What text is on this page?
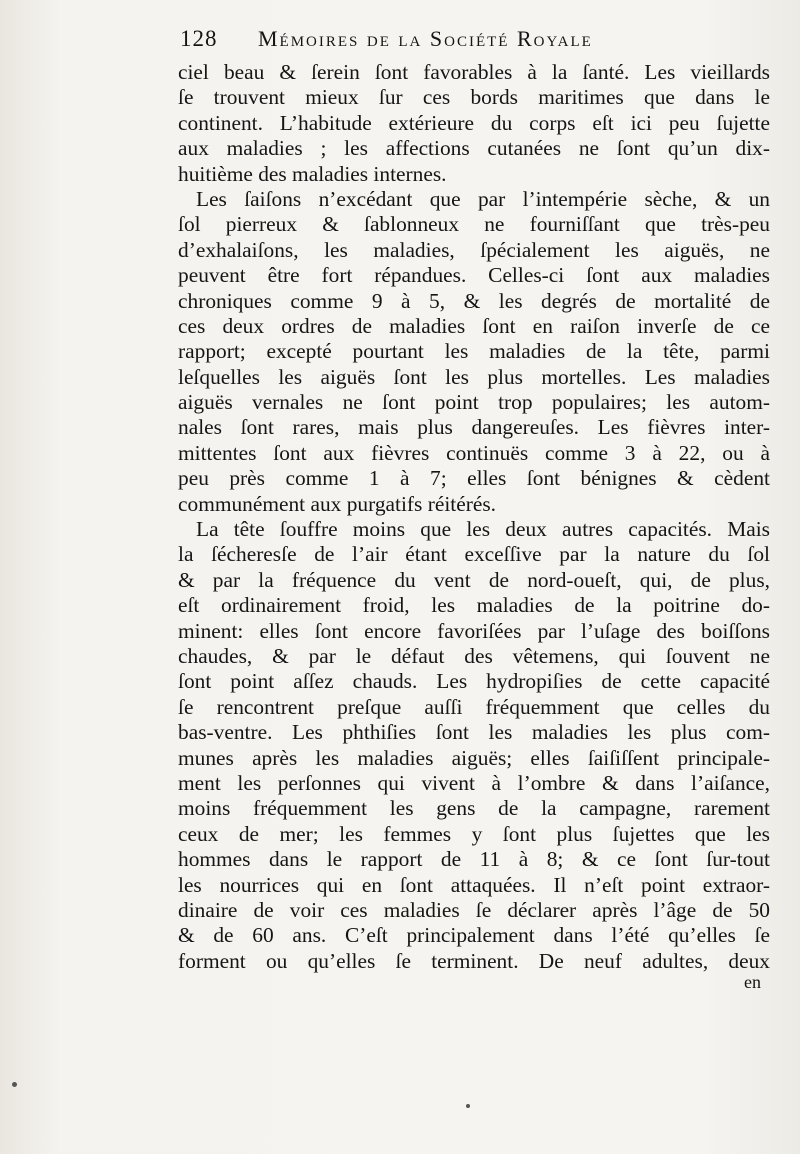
128 Mémoires de la Société Royale
ciel beau & ſerein ſont favorables à la ſanté. Les vieillards
ſe trouvent mieux ſur ces bords maritimes que dans le
continent. L’habitude extérieure du corps eſt ici peu ſujette
aux maladies ; les affections cutanées ne ſont qu’un dix-
huitième des maladies internes.
Les ſaiſons n’excédant que par l’intempérie sèche, & un
ſol pierreux & ſablonneux ne fourniſſant que très-peu
d’exhalaiſons, les maladies, ſpécialement les aiguës, ne
peuvent être fort répandues. Celles-ci ſont aux maladies
chroniques comme 9 à 5, & les degrés de mortalité de
ces deux ordres de maladies ſont en raiſon inverſe de ce
rapport; excepté pourtant les maladies de la tête, parmi
leſquelles les aiguës ſont les plus mortelles. Les maladies
aiguës vernales ne ſont point trop populaires; les autom-
nales ſont rares, mais plus dangereuſes. Les fièvres inter-
mittentes ſont aux fièvres continuës comme 3 à 22, ou à
peu près comme 1 à 7; elles ſont bénignes & cèdent
communément aux purgatifs réitérés.
La tête ſouffre moins que les deux autres capacités. Mais
la ſécheresſe de l’air étant exceſſive par la nature du ſol
& par la fréquence du vent de nord-oueſt, qui, de plus,
eſt ordinairement froid, les maladies de la poitrine do-
minent: elles ſont encore favoriſées par l’uſage des boiſſons
chaudes, & par le défaut des vêtemens, qui ſouvent ne
ſont point aſſez chauds. Les hydropiſies de cette capacité
ſe rencontrent preſque auſſi fréquemment que celles du
bas-ventre. Les phthiſies ſont les maladies les plus com-
munes après les maladies aiguës; elles ſaiſiſſent principale-
ment les perſonnes qui vivent à l’ombre & dans l’aiſance,
moins fréquemment les gens de la campagne, rarement
ceux de mer; les femmes y ſont plus ſujettes que les
hommes dans le rapport de 11 à 8; & ce ſont ſur-tout
les nourrices qui en ſont attaquées. Il n’eſt point extraor-
dinaire de voir ces maladies ſe déclarer après l’âge de 50
& de 60 ans. C’eſt principalement dans l’été qu’elles ſe
forment ou qu’elles ſe terminent. De neuf adultes, deux
en
